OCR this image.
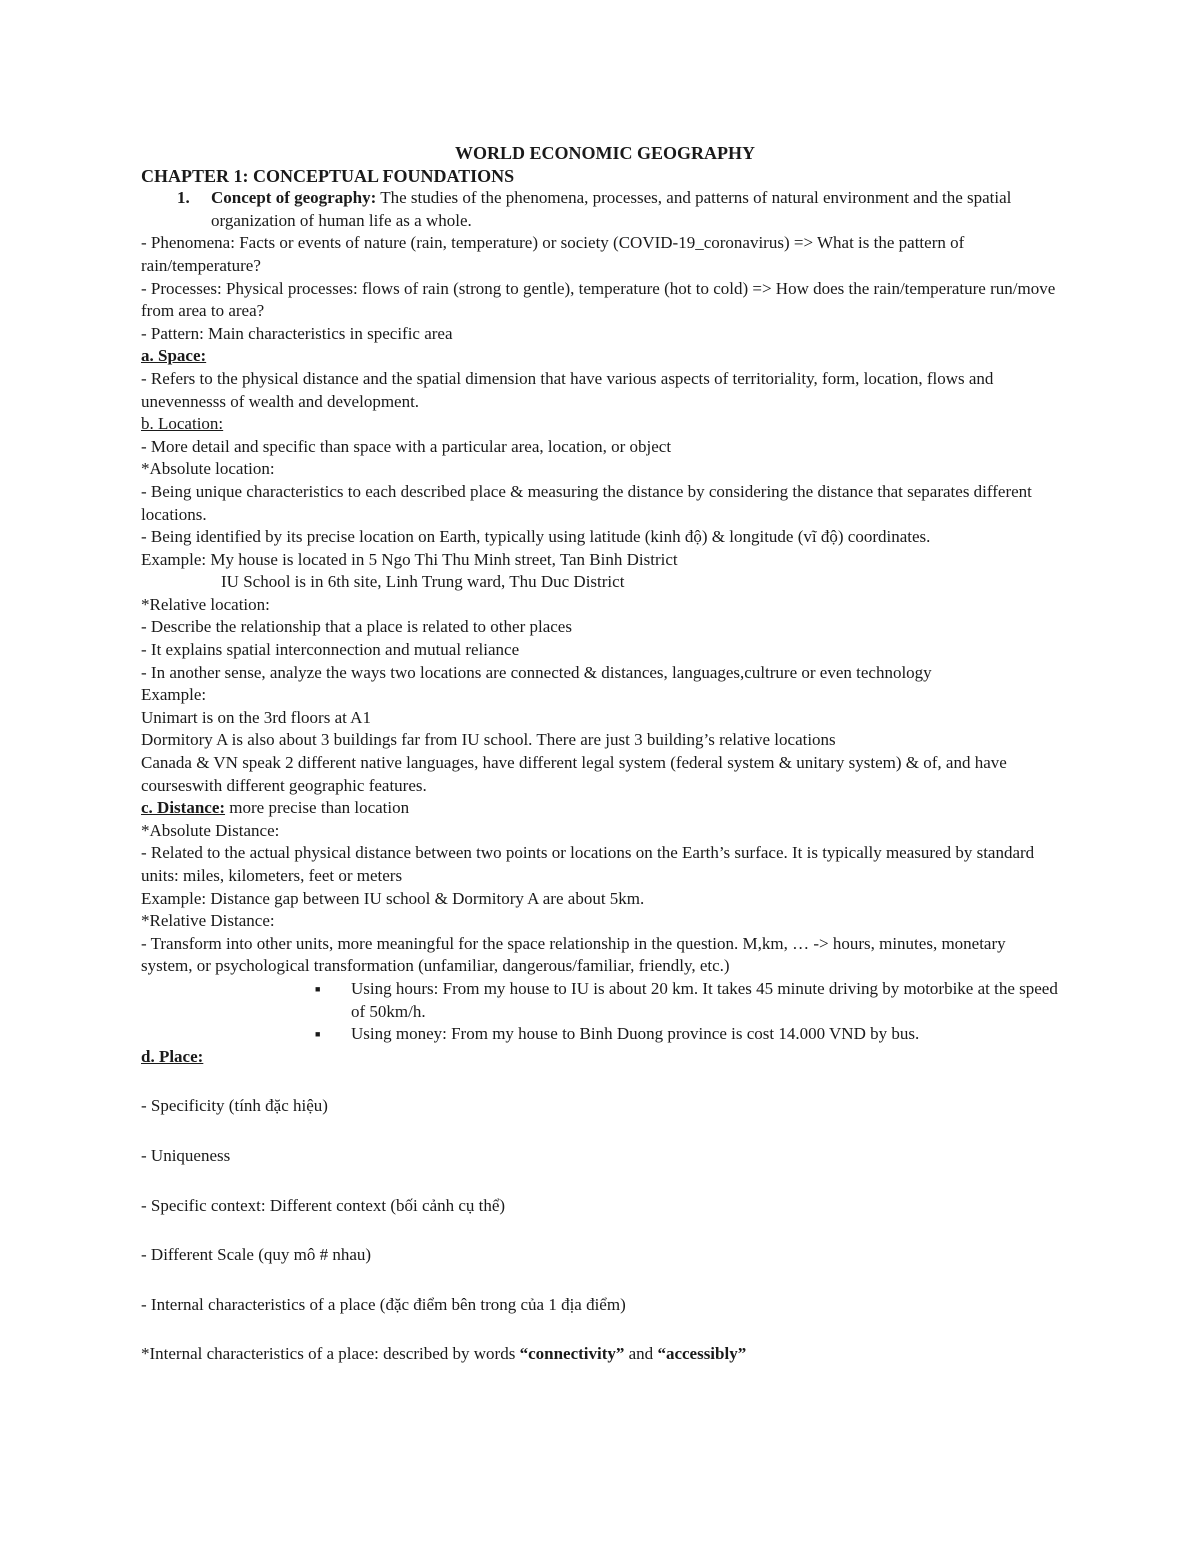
WORLD ECONOMIC GEOGRAPHY

CHAPTER 1: CONCEPTUAL FOUNDATIONS

1.	Concept of geography: The studies of the phenomena, processes, and patterns of natural environment and the spatial organization of human life as a whole.

- Phenomena: Facts or events of nature (rain, temperature) or society (COVID-19_coronavirus) => What is the pattern of rain/temperature?

- Processes: Physical processes: flows of rain (strong to gentle), temperature (hot to cold) => How does the rain/temperature run/move from area to area?

- Pattern: Main characteristics in specific area

a. Space:

- Refers to the physical distance and the spatial dimension that have various aspects of territoriality, form, location, flows and unevennesss of wealth and development.

b. Location:

- More detail and specific than space with a particular area, location, or object

*Absolute location:

- Being unique characteristics to each described place & measuring the distance by considering the distance that separates different locations.

- Being identified by its precise location on Earth, typically using latitude (kinh độ) & longitude (vĩ độ) coordinates.

Example: My house is located in 5 Ngo Thi Thu Minh street, Tan Binh District

IU School is in 6th site, Linh Trung ward, Thu Duc District

*Relative location:

- Describe the relationship that a place is related to other places

- It explains spatial interconnection and mutual reliance

- In another sense, analyze the ways two locations are connected & distances, languages,cultrure or even technology

Example:

Unimart is on the 3rd floors at A1

Dormitory A is also about 3 buildings far from IU school. There are just 3 building’s relative locations

Canada & VN speak 2 different native languages, have different legal system (federal system & unitary system) & of, and have courseswith different geographic features.

c. Distance: more precise than location

*Absolute Distance:

- Related to the actual physical distance between two points or locations on the Earth’s surface. It is typically measured by standard units: miles, kilometers, feet or meters

Example: Distance gap between IU school & Dormitory A are about 5km.

*Relative Distance:

- Transform into other units, more meaningful for the space relationship in the question. M,km, … -> hours, minutes, monetary system, or psychological transformation (unfamiliar, dangerous/familiar, friendly, etc.)

■	Using hours: From my house to IU is about 20 km. It takes 45 minute driving by motorbike at the speed of 50km/h.

■	Using money: From my house to Binh Duong province is cost 14.000 VND by bus.

d. Place:

- Specificity (tính đặc hiệu)

- Uniqueness

- Specific context: Different context (bối cảnh cụ thể)

- Different Scale (quy mô # nhau)

- Internal characteristics of a place (đặc điểm bên trong của 1 địa điểm)

*Internal characteristics of a place: described by words “connectivity” and “accessibly”
